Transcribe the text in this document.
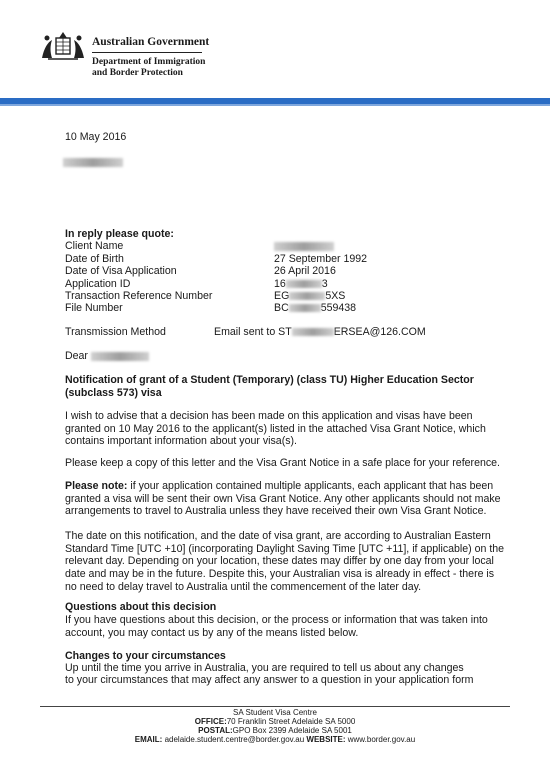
Australian Government
Department of Immigration
and Border Protection
10 May 2016
In reply please quote:
Client Name
Date of Birth	27 September 1992
Date of Visa Application	26 April 2016
Application ID	16	3
Transaction Reference Number	EG	5XS
File Number	BC	559438
Transmission Method	Email sent to ST	ERSEA@126.COM
Dear
Notification of grant of a Student (Temporary) (class TU) Higher Education Sector
(subclass 573) visa
I wish to advise that a decision has been made on this application and visas have been granted on 10 May 2016 to the applicant(s) listed in the attached Visa Grant Notice, which contains important information about your visa(s).
Please keep a copy of this letter and the Visa Grant Notice in a safe place for your reference.
Please note: if your application contained multiple applicants, each applicant that has been granted a visa will be sent their own Visa Grant Notice. Any other applicants should not make arrangements to travel to Australia unless they have received their own Visa Grant Notice.
The date on this notification, and the date of visa grant, are according to Australian Eastern Standard Time [UTC +10] (incorporating Daylight Saving Time [UTC +11], if applicable) on the relevant day. Depending on your location, these dates may differ by one day from your local date and may be in the future. Despite this, your Australian visa is already in effect - there is no need to delay travel to Australia until the commencement of the later day.
Questions about this decision
If you have questions about this decision, or the process or information that was taken into account, you may contact us by any of the means listed below.
Changes to your circumstances
Up until the time you arrive in Australia, you are required to tell us about any changes
to your circumstances that may affect any answer to a question in your application form
SA Student Visa Centre
OFFICE:70 Franklin Street Adelaide SA 5000
POSTAL:GPO Box 2399 Adelaide SA 5001
EMAIL: adelaide.student.centre@border.gov.au WEBSITE: www.border.gov.au
